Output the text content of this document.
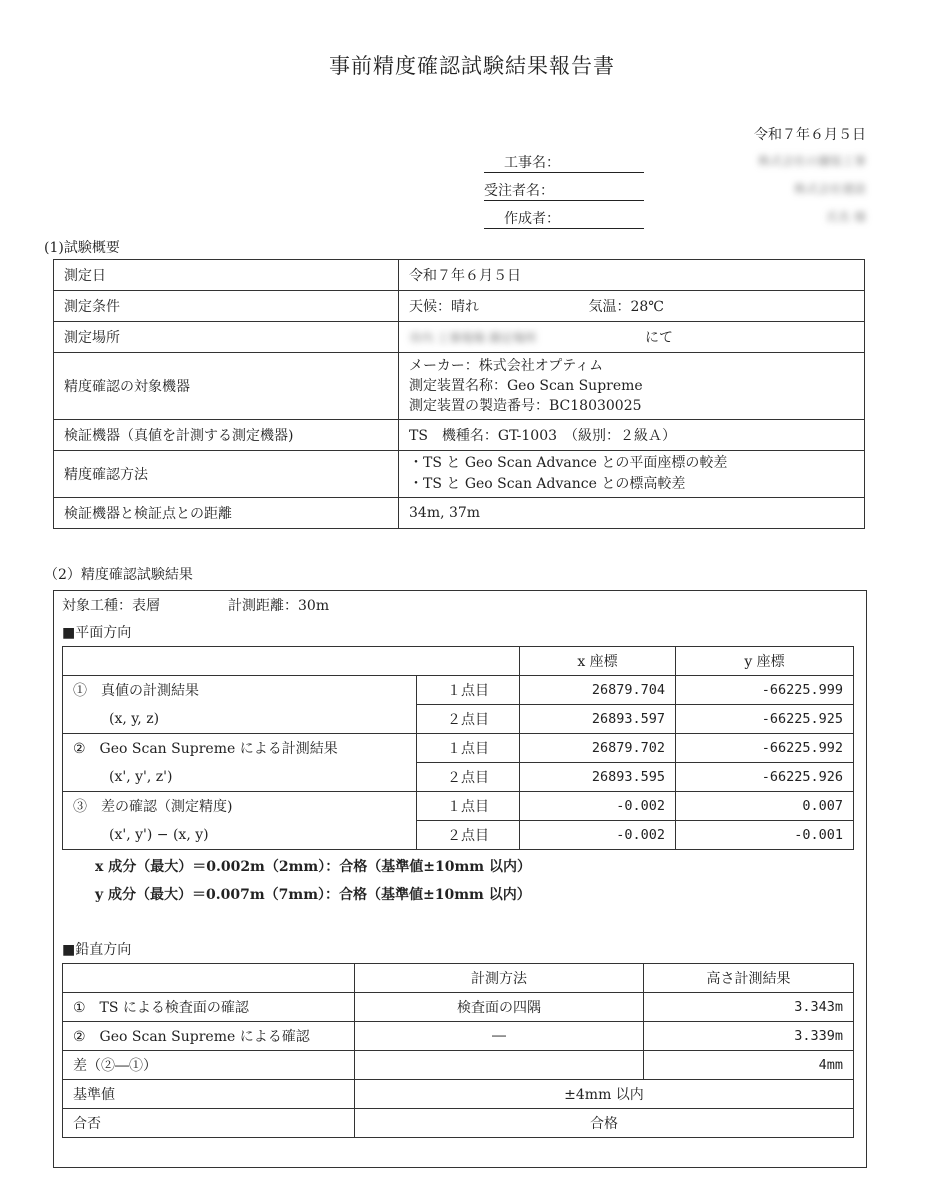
事前精度確認試験結果報告書
令和７年６月５日
工事名：	株式会社の舗装工事
受注者名：	株式会社建設
作成者：	氏名 様
(1)試験概要
測定日	令和７年６月５日
測定条件	天候：晴れ 気温：28℃
測定場所	市内 工事現場 測定場所 にて
精度確認の対象機器	メーカー：株式会社オプティム
測定装置名称：Geo Scan Supreme
測定装置の製造番号：BC18030025

検証機器（真値を計測する測定機器)	TS　機種名：GT-1003　（級別：２級Ａ）
精度確認方法	・TS と Geo Scan Advance との平面座標の較差
・TS と Geo Scan Advance との標高較差

検証機器と検証点との距離	34m, 37m
（2）精度確認試験結果
対象工種：表層	計測距離：30m
■平面方向
		x 座標	y 座標
①　真値の計測結果	１点目	26879.704	-66225.999
(x, y, z)	２点目	26893.597	-66225.925
②　Geo Scan Supreme による計測結果	１点目	26879.702	-66225.992
(x', y', z')	２点目	26893.595	-66225.926
③　差の確認（測定精度)	１点目	-0.002	0.007
(x', y') − (x, y)	２点目	-0.002	-0.001
x 成分（最大）＝0.002m（2mm）：合格（基準値±10mm 以内）
y 成分（最大）＝0.007m（7mm）：合格（基準値±10mm 以内）
■鉛直方向
	計測方法	高さ計測結果
①　TS による検査面の確認	検査面の四隅	3.343m
②　Geo Scan Supreme による確認	―	3.339m
差（②―①）		4mm
基準値	±4mm 以内	
合否	合格	
